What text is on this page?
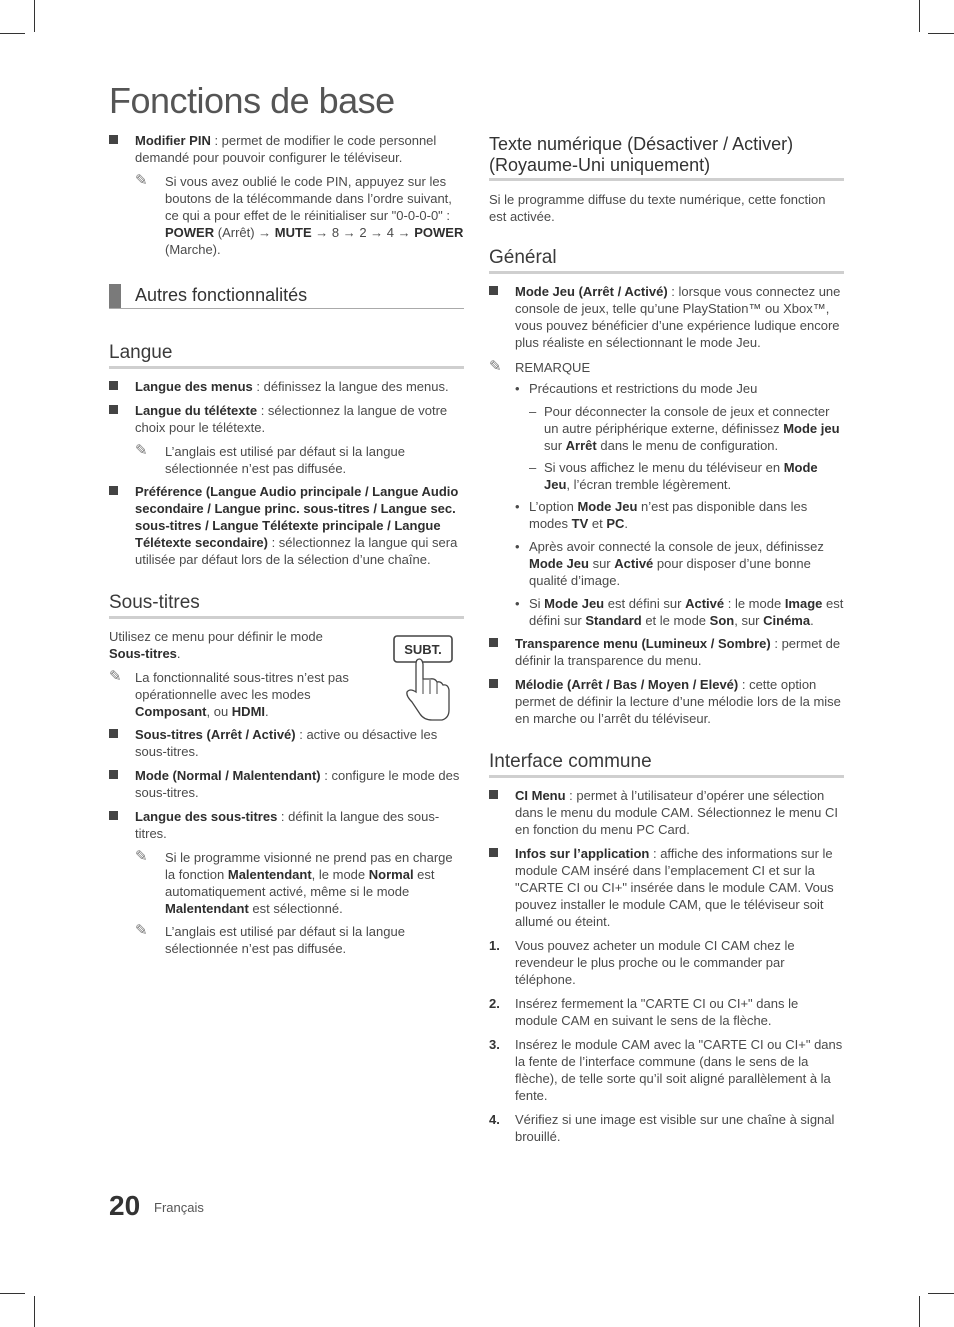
Fonctions de base
Modifier PIN : permet de modifier le code personnel demandé pour pouvoir configurer le téléviseur.
✎ Si vous avez oublié le code PIN, appuyez sur les boutons de la télécommande dans l’ordre suivant, ce qui a pour effet de le réinitialiser sur "0-0-0-0" : POWER (Arrêt) → MUTE → 8 → 2 → 4 → POWER (Marche).
Autres fonctionnalités
Langue
Langue des menus : définissez la langue des menus.
Langue du télétexte : sélectionnez la langue de votre choix pour le télétexte.
✎ L’anglais est utilisé par défaut si la langue sélectionnée n’est pas diffusée.
Préférence (Langue Audio principale / Langue Audio secondaire / Langue princ. sous-titres / Langue sec. sous-titres / Langue Télétexte principale / Langue Télétexte secondaire) : sélectionnez la langue qui sera utilisée par défaut lors de la sélection d’une chaîne.
Sous-titres
Utilisez ce menu pour définir le mode Sous-titres.
✎ La fonctionnalité sous-titres n’est pas opérationnelle avec les modes Composant, ou HDMI.
SUBT.
Sous-titres (Arrêt / Activé) : active ou désactive les sous-titres.
Mode (Normal / Malentendant) : configure le mode des sous-titres.
Langue des sous-titres : définit la langue des sous-titres.
✎ Si le programme visionné ne prend pas en charge la fonction Malentendant, le mode Normal est automatiquement activé, même si le mode Malentendant est sélectionné.
✎ L’anglais est utilisé par défaut si la langue sélectionnée n’est pas diffusée.
Texte numérique (Désactiver / Activer) (Royaume-Uni uniquement)
Si le programme diffuse du texte numérique, cette fonction est activée.
Général
Mode Jeu (Arrêt / Activé) : lorsque vous connectez une console de jeux, telle qu’une PlayStation™ ou Xbox™, vous pouvez bénéficier d’une expérience ludique encore plus réaliste en sélectionnant le mode Jeu.
✎ REMARQUE
• Précautions et restrictions du mode Jeu
– Pour déconnecter la console de jeux et connecter un autre périphérique externe, définissez Mode jeu sur Arrêt dans le menu de configuration.
– Si vous affichez le menu du téléviseur en Mode Jeu, l’écran tremble légèrement.
• L’option Mode Jeu n’est pas disponible dans les modes TV et PC.
• Après avoir connecté la console de jeux, définissez Mode Jeu sur Activé pour disposer d’une bonne qualité d’image.
• Si Mode Jeu est défini sur Activé : le mode Image est défini sur Standard et le mode Son, sur Cinéma.
Transparence menu (Lumineux / Sombre) : permet de définir la transparence du menu.
Mélodie (Arrêt / Bas / Moyen / Elevé) : cette option permet de définir la lecture d’une mélodie lors de la mise en marche ou l’arrêt du téléviseur.
Interface commune
CI Menu : permet à l’utilisateur d’opérer une sélection dans le menu du module CAM. Sélectionnez le menu CI en fonction du menu PC Card.
Infos sur l’application : affiche des informations sur le module CAM inséré dans l’emplacement CI et sur la "CARTE CI ou CI+" insérée dans le module CAM. Vous pouvez installer le module CAM, que le téléviseur soit allumé ou éteint.
1. Vous pouvez acheter un module CI CAM chez le revendeur le plus proche ou le commander par téléphone.
2. Insérez fermement la "CARTE CI ou CI+" dans le module CAM en suivant le sens de la flèche.
3. Insérez le module CAM avec la "CARTE CI ou CI+" dans la fente de l’interface commune (dans le sens de la flèche), de telle sorte qu’il soit aligné parallèlement à la fente.
4. Vérifiez si une image est visible sur une chaîne à signal brouillé.

20 Français
